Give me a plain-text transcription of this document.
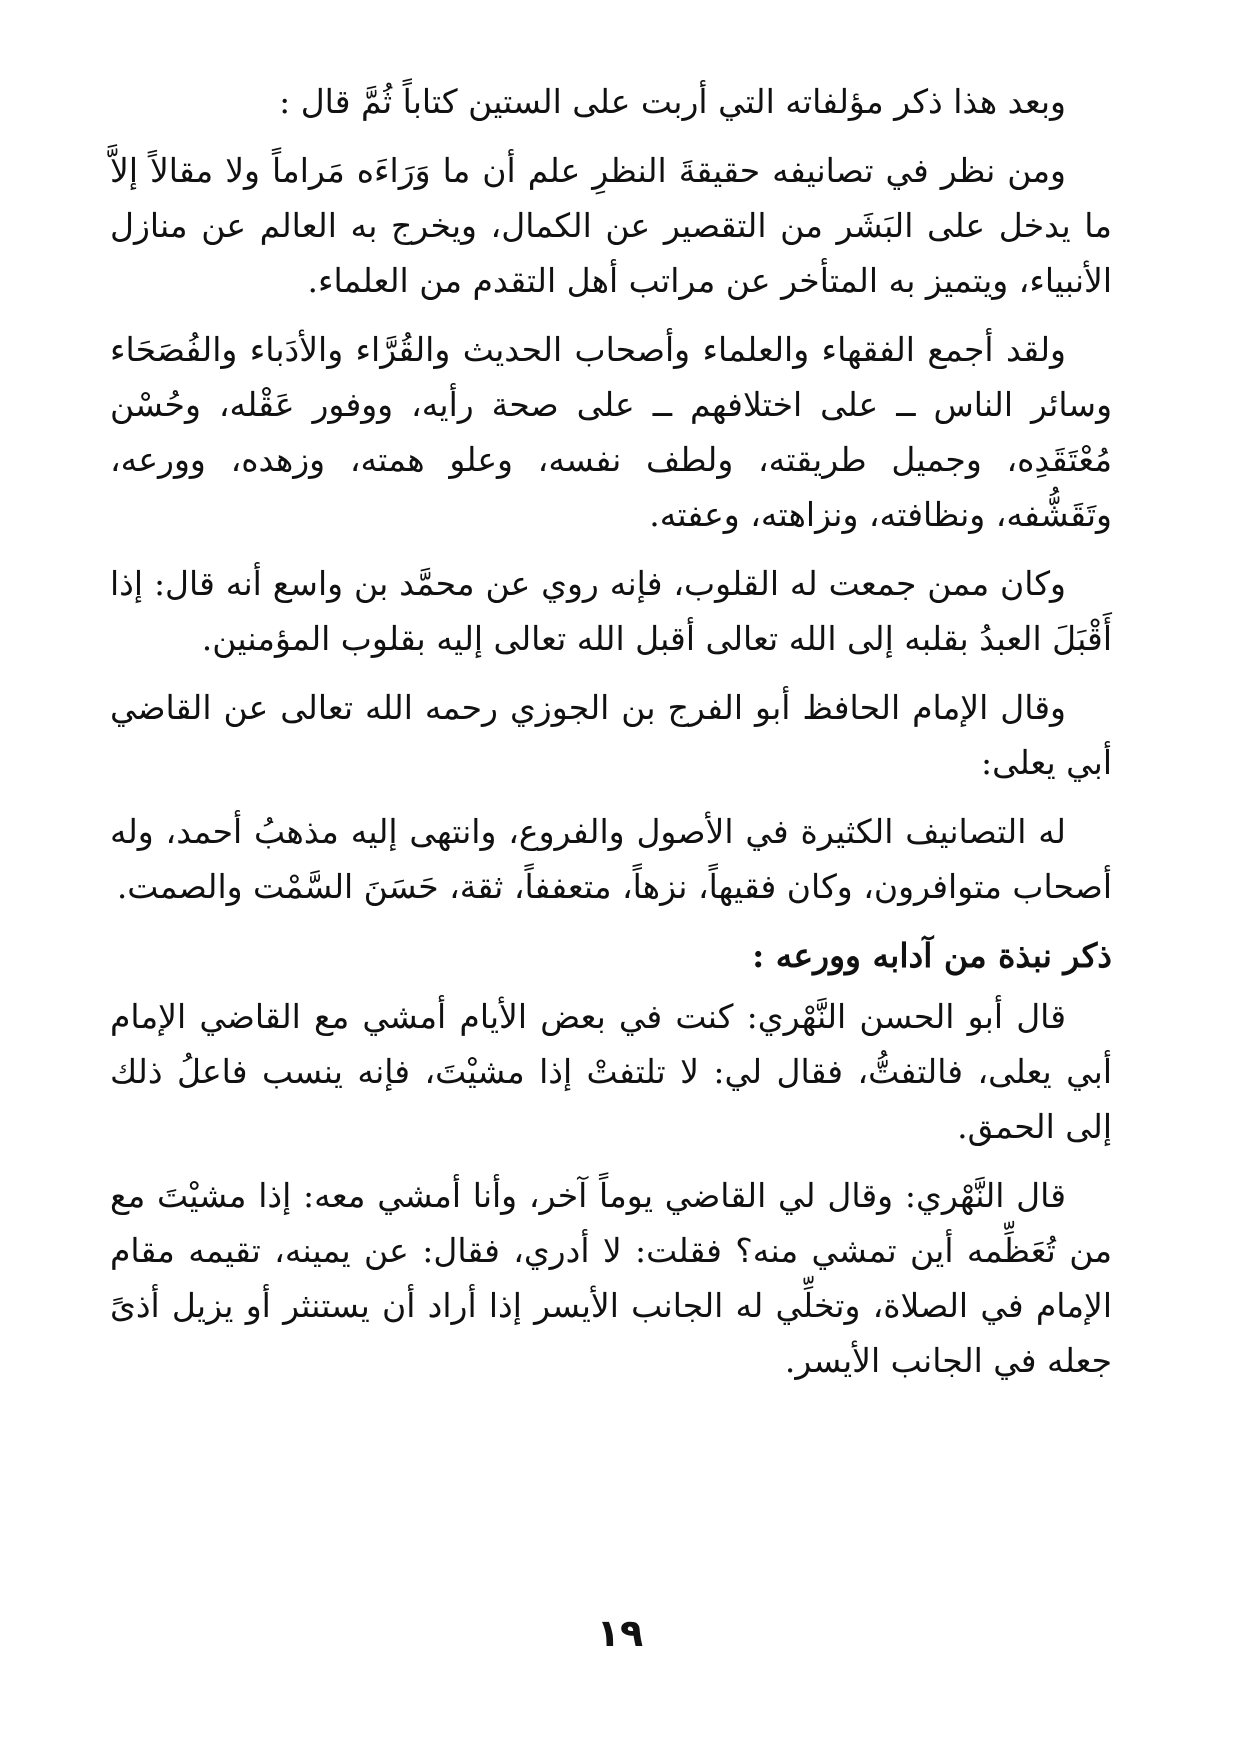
وبعد هذا ذكر مؤلفاته التي أربت على الستين كتاباً ثُمَّ قال :

ومن نظر في تصانيفه حقيقةَ النظرِ علم أن ما وَرَاءَه مَراماً ولا مقالاً إلاَّ ما يدخل على البَشَر من التقصير عن الكمال، ويخرج به العالم عن منازل الأنبياء، ويتميز به المتأخر عن مراتب أهل التقدم من العلماء.

ولقد أجمع الفقهاء والعلماء وأصحاب الحديث والقُرَّاء والأدَباء والفُصَحَاء وسائر الناس ــ على اختلافهم ــ على صحة رأيه، ووفور عَقْله، وحُسْن مُعْتَقَدِه، وجميل طريقته، ولطف نفسه، وعلو همته، وزهده، وورعه، وتَقَشُّفه، ونظافته، ونزاهته، وعفته.

وكان ممن جمعت له القلوب، فإنه روي عن محمَّد بن واسع أنه قال: إذا أَقْبَلَ العبدُ بقلبه إلى الله تعالى أقبل الله تعالى إليه بقلوب المؤمنين.

وقال الإمام الحافظ أبو الفرج بن الجوزي رحمه الله تعالى عن القاضي أبي يعلى:

له التصانيف الكثيرة في الأصول والفروع، وانتهى إليه مذهبُ أحمد، وله أصحاب متوافرون، وكان فقيهاً، نزهاً، متعففاً، ثقة، حَسَنَ السَّمْت والصمت.

ذكر نبذة من آدابه وورعه :

قال أبو الحسن النَّهْري: كنت في بعض الأيام أمشي مع القاضي الإمام أبي يعلى، فالتفتُّ، فقال لي: لا تلتفتْ إذا مشيْتَ، فإنه ينسب فاعلُ ذلك إلى الحمق.

قال النَّهْري: وقال لي القاضي يوماً آخر، وأنا أمشي معه: إذا مشيْتَ مع من تُعَظِّمه أين تمشي منه؟ فقلت: لا أدري، فقال: عن يمينه، تقيمه مقام الإمام في الصلاة، وتخلِّي له الجانب الأيسر إذا أراد أن يستنثر أو يزيل أذىً جعله في الجانب الأيسر.

١٩
